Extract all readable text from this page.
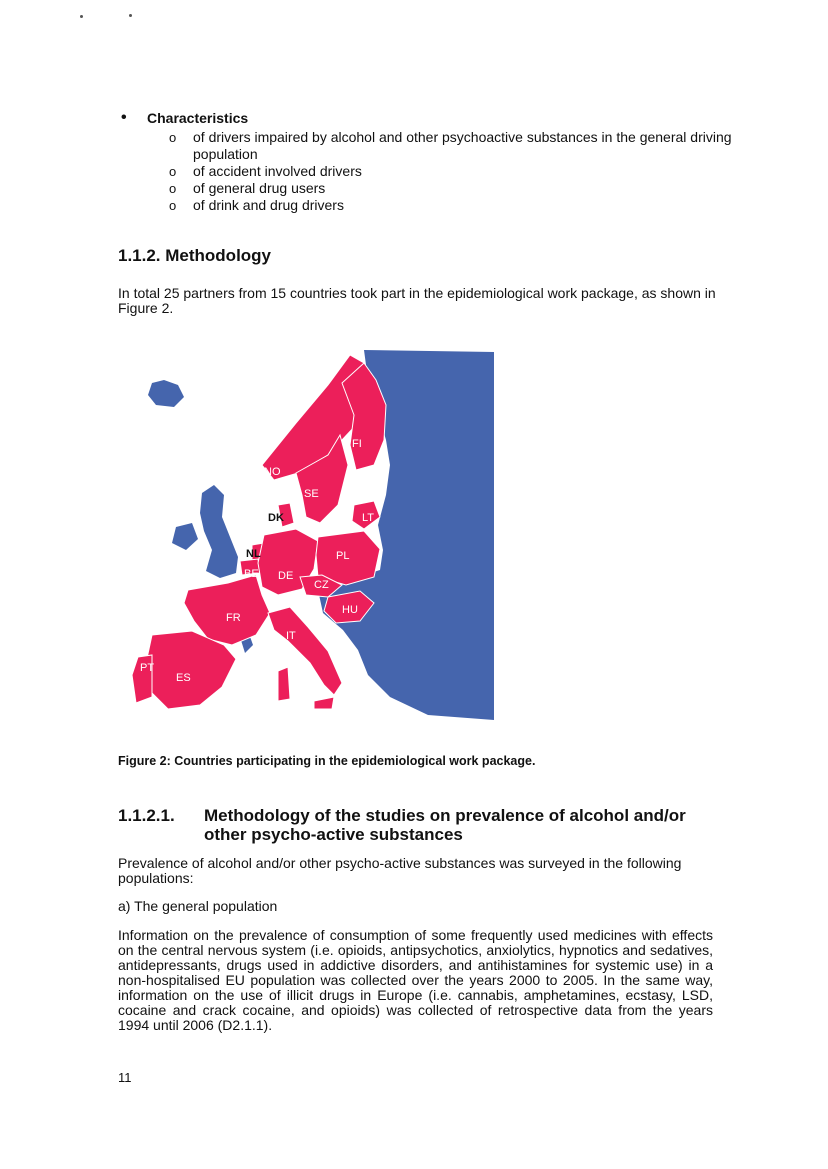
• Characteristics
o of drivers impaired by alcohol and other psychoactive substances in the general driving population
o of accident involved drivers
o of general drug users
o of drink and drug drivers
1.1.2. Methodology

In total 25 partners from 15 countries took part in the epidemiological work package, as shown in Figure 2.

FI
NO
SE
DK	LT
NL
BE DE
PL
CZ
HU
FR
IT
PT
ES

Figure 2: Countries participating in the epidemiological work package.

1.1.2.1. Methodology of the studies on prevalence of alcohol and/or other psycho-active substances

Prevalence of alcohol and/or other psycho-active substances was surveyed in the following populations:

a) The general population

Information on the prevalence of consumption of some frequently used medicines with effects on the central nervous system (i.e. opioids, antipsychotics, anxiolytics, hypnotics and sedatives, antidepressants, drugs used in addictive disorders, and antihistamines for systemic use) in a non-hospitalised EU population was collected over the years 2000 to 2005. In the same way, information on the use of illicit drugs in Europe (i.e. cannabis, amphetamines, ecstasy, LSD, cocaine and crack cocaine, and opioids) was collected of retrospective data from the years 1994 until 2006 (D2.1.1).

11
